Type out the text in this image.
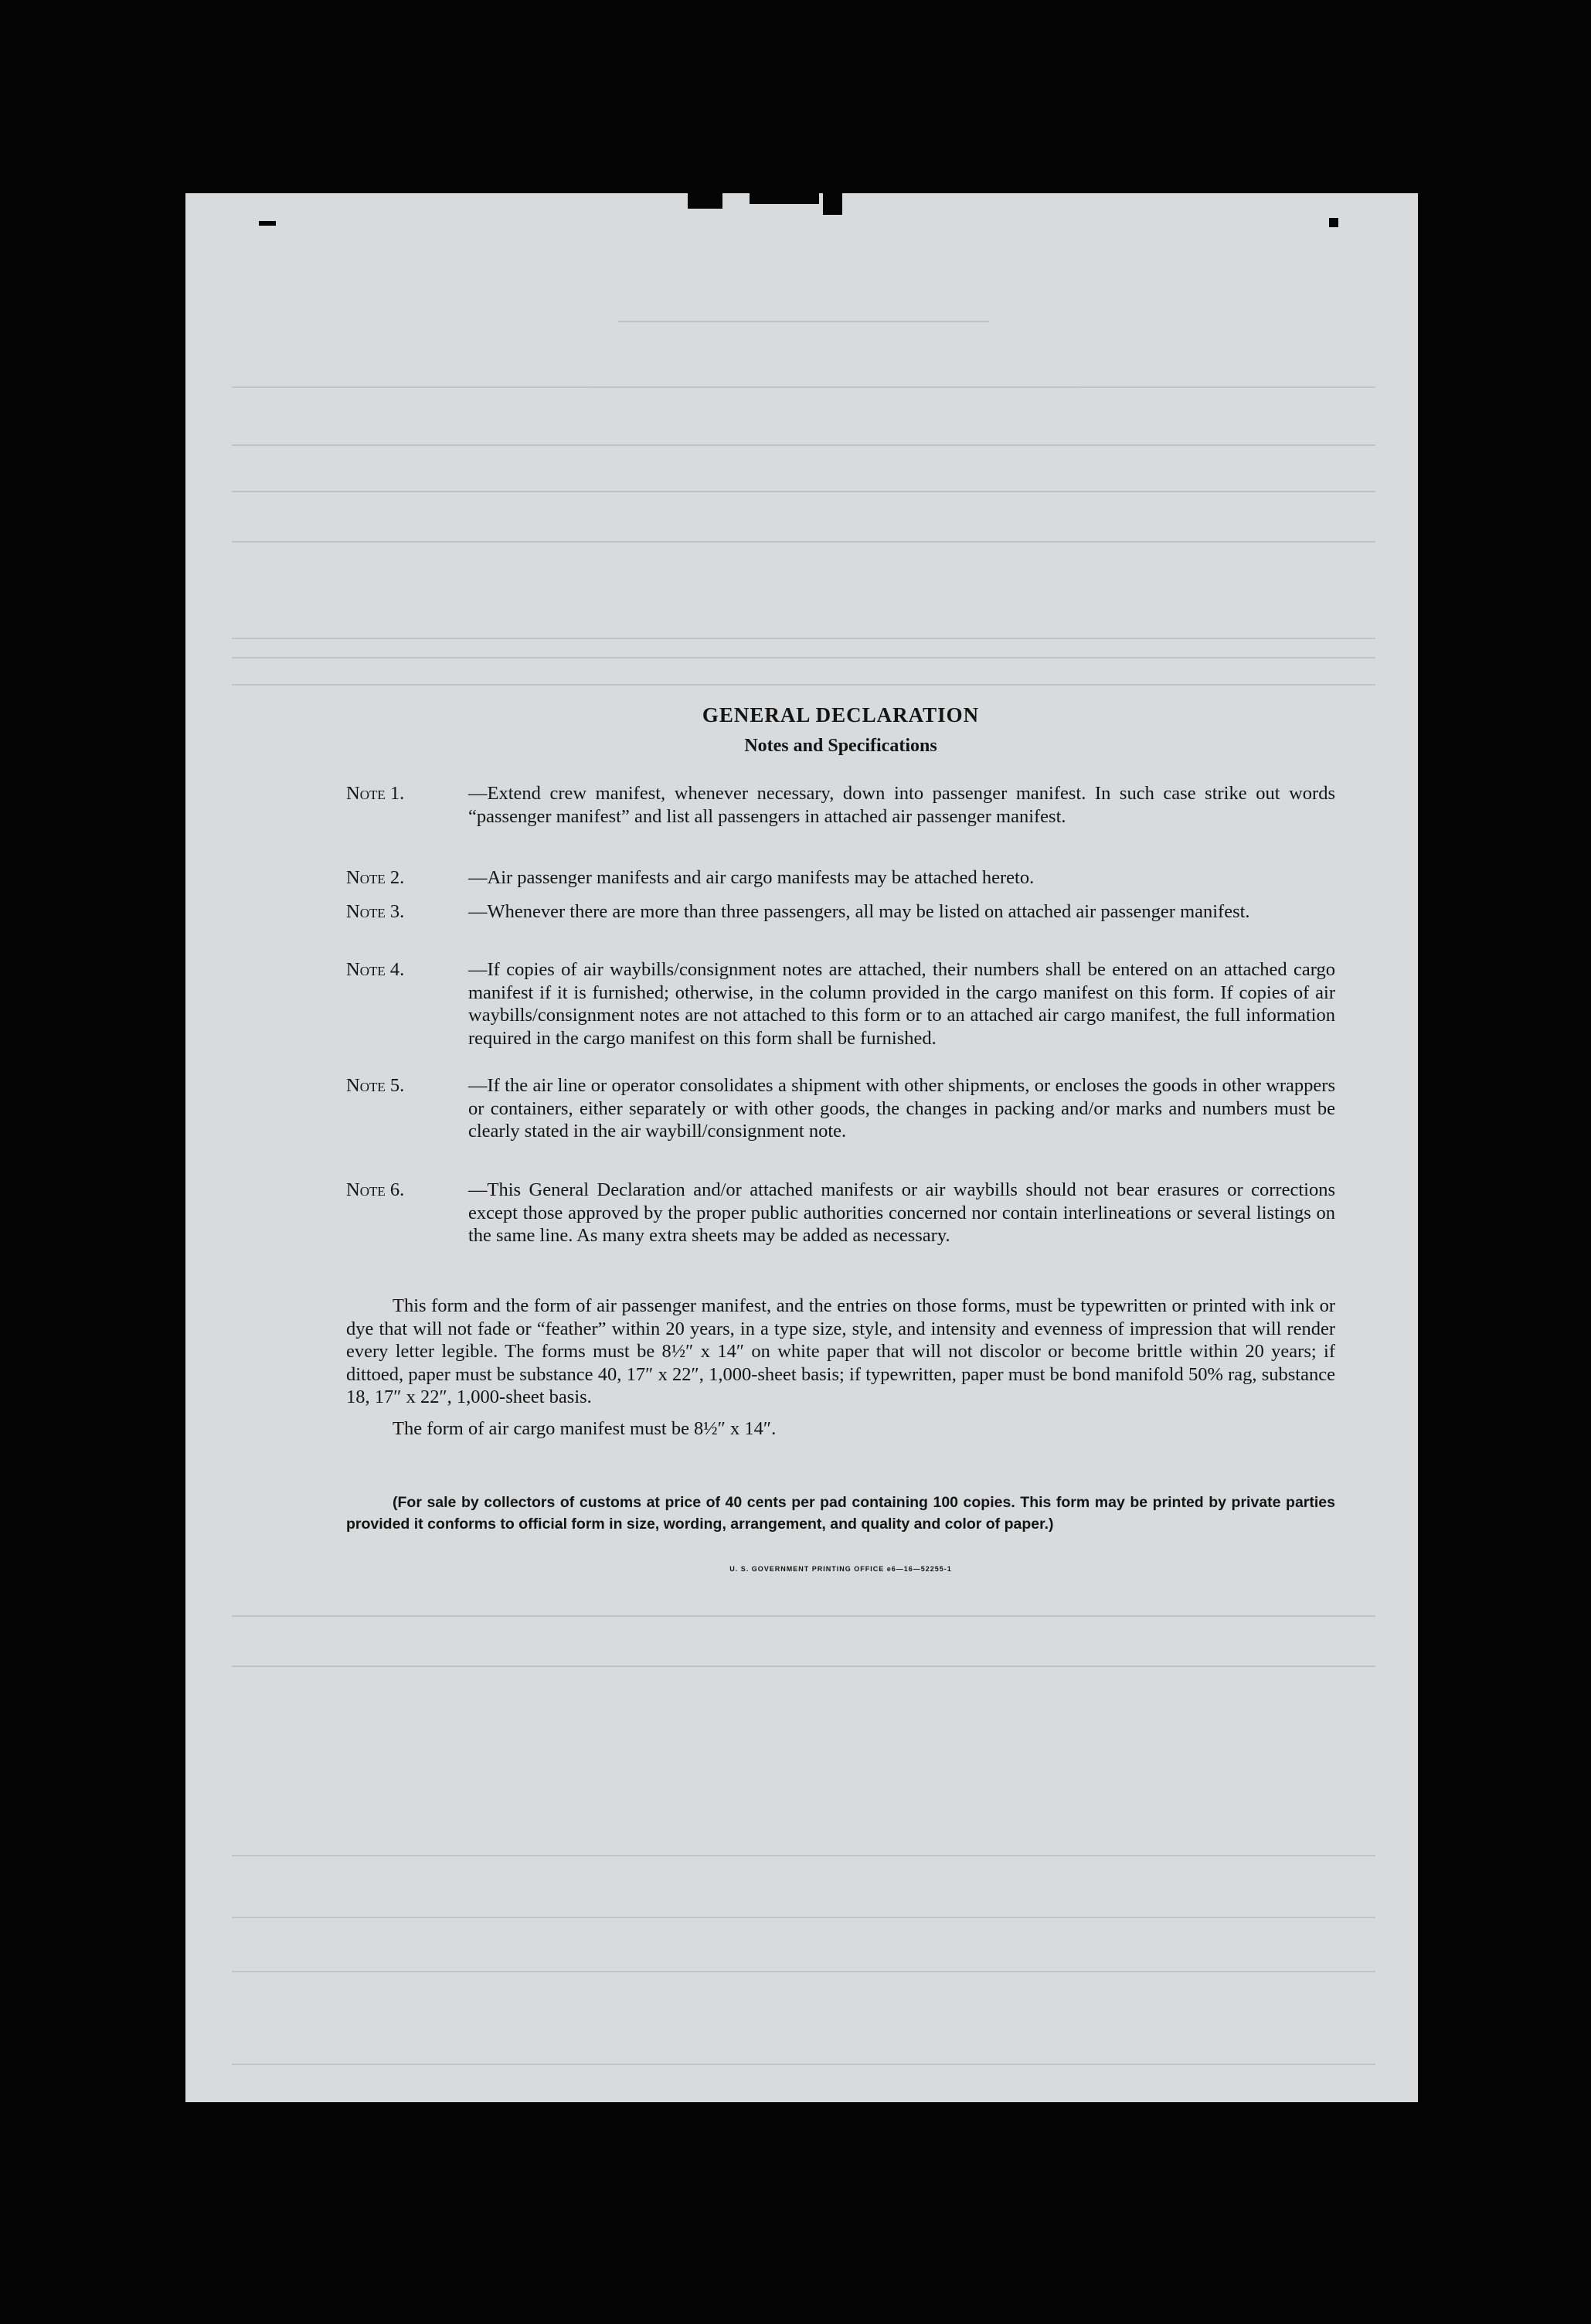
GENERAL DECLARATION
Notes and Specifications
Note 1.	—Extend crew manifest, whenever necessary, down into passenger manifest. In such case strike out words “passenger manifest” and list all passengers in attached air passenger manifest.
Note 2.	—Air passenger manifests and air cargo manifests may be attached hereto.
Note 3.	—Whenever there are more than three passengers, all may be listed on attached air passenger manifest.
Note 4.	—If copies of air waybills/consignment notes are attached, their numbers shall be entered on an attached cargo manifest if it is furnished; otherwise, in the column provided in the cargo manifest on this form. If copies of air waybills/consignment notes are not attached to this form or to an attached air cargo manifest, the full information required in the cargo manifest on this form shall be furnished.
Note 5.	—If the air line or operator consolidates a shipment with other shipments, or encloses the goods in other wrappers or containers, either separately or with other goods, the changes in packing and/or marks and numbers must be clearly stated in the air waybill/consignment note.
Note 6.	—This General Declaration and/or attached manifests or air waybills should not bear erasures or corrections except those approved by the proper public authorities concerned nor contain interlineations or several listings on the same line. As many extra sheets may be added as necessary.
This form and the form of air passenger manifest, and the entries on those forms, must be typewritten or printed with ink or dye that will not fade or “feather” within 20 years, in a type size, style, and intensity and evenness of impression that will render every letter legible. The forms must be 8½″ x 14″ on white paper that will not discolor or become brittle within 20 years; if dittoed, paper must be substance 40, 17″ x 22″, 1,000-sheet basis; if typewritten, paper must be bond manifold 50% rag, substance 18, 17″ x 22″, 1,000-sheet basis.
The form of air cargo manifest must be 8½″ x 14″.
(For sale by collectors of customs at price of 40 cents per pad containing 100 copies. This form may be printed by private parties provided it conforms to official form in size, wording, arrangement, and quality and color of paper.)
U. S. GOVERNMENT PRINTING OFFICE e6—16—52255-1
